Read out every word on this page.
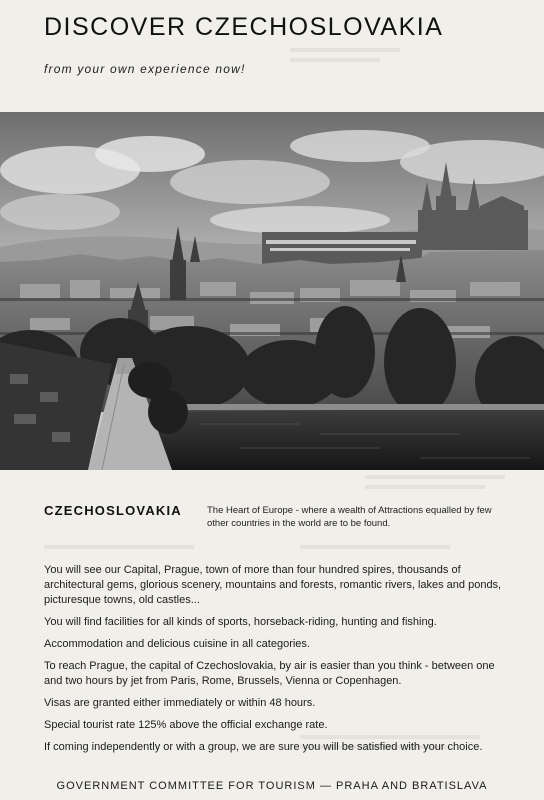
DISCOVER CZECHOSLOVAKIA
from your own experience now!
CZECHOSLOVAKIA	The Heart of Europe - where a wealth of Attractions equalled by few other countries in the world are to be found.

You will see our Capital, Prague, town of more than four hundred spires, thousands of architectural gems, glorious scenery, mountains and forests, romantic rivers, lakes and ponds, picturesque towns, old castles...

You will find facilities for all kinds of sports, horseback-riding, hunting and fishing.

Accommodation and delicious cuisine in all categories.

To reach Prague, the capital of Czechoslovakia, by air is easier than you think - between one and two hours by jet from Paris, Rome, Brussels, Vienna or Copenhagen.

Visas are granted either immediately or within 48 hours.

Special tourist rate 125% above the official exchange rate.

If coming independently or with a group, we are sure you will be satisfied with your choice.

GOVERNMENT COMMITTEE FOR TOURISM — PRAHA AND BRATISLAVA
